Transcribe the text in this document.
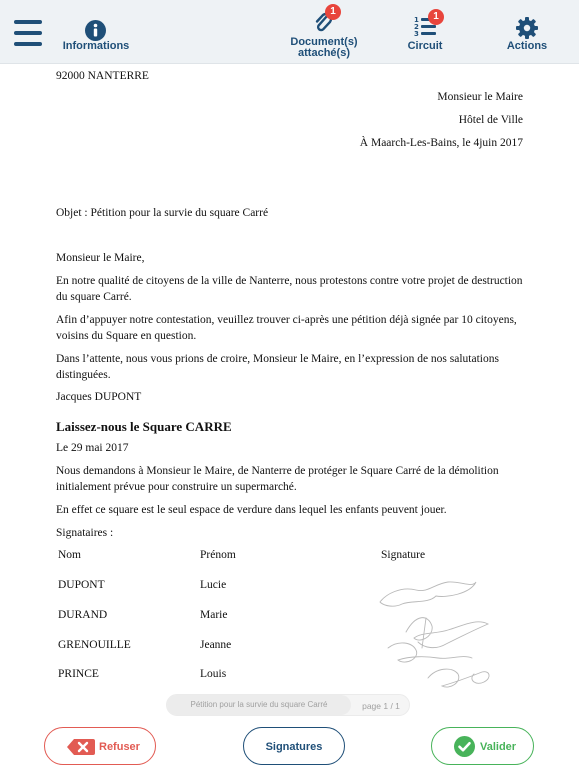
Informations
1
Document(s)
attaché(s)
1
2
3
1
Circuit	Actions
92000 NANTERRE
Monsieur le Maire
Hôtel de Ville
À Maarch-Les-Bains, le 4juin 2017
Objet : Pétition pour la survie du square Carré
Monsieur le Maire,
En notre qualité de citoyens de la ville de Nanterre, nous protestons contre votre projet de destruction du square Carré.
Afin d’appuyer notre contestation, veuillez trouver ci-après une pétition déjà signée par 10 citoyens, voisins du Square en question.
Dans l’attente, nous vous prions de croire, Monsieur le Maire, en l’expression de nos salutations distinguées.
Jacques DUPONT
Laissez-nous le Square CARRE
Le 29 mai 2017
Nous demandons à Monsieur le Maire, de Nanterre de protéger le Square Carré de la démolition initialement prévue pour construire un supermarché.
En effet ce square est le seul espace de verdure dans lequel les enfants peuvent jouer.
Signataires :
Nom	Prénom	Signature
DUPONT	Lucie
DURAND	Marie
GRENOUILLE	Jeanne
PRINCE	Louis
Pétition pour la survie du square Carré	page 1 / 1
Refuser	Signatures	Valider
